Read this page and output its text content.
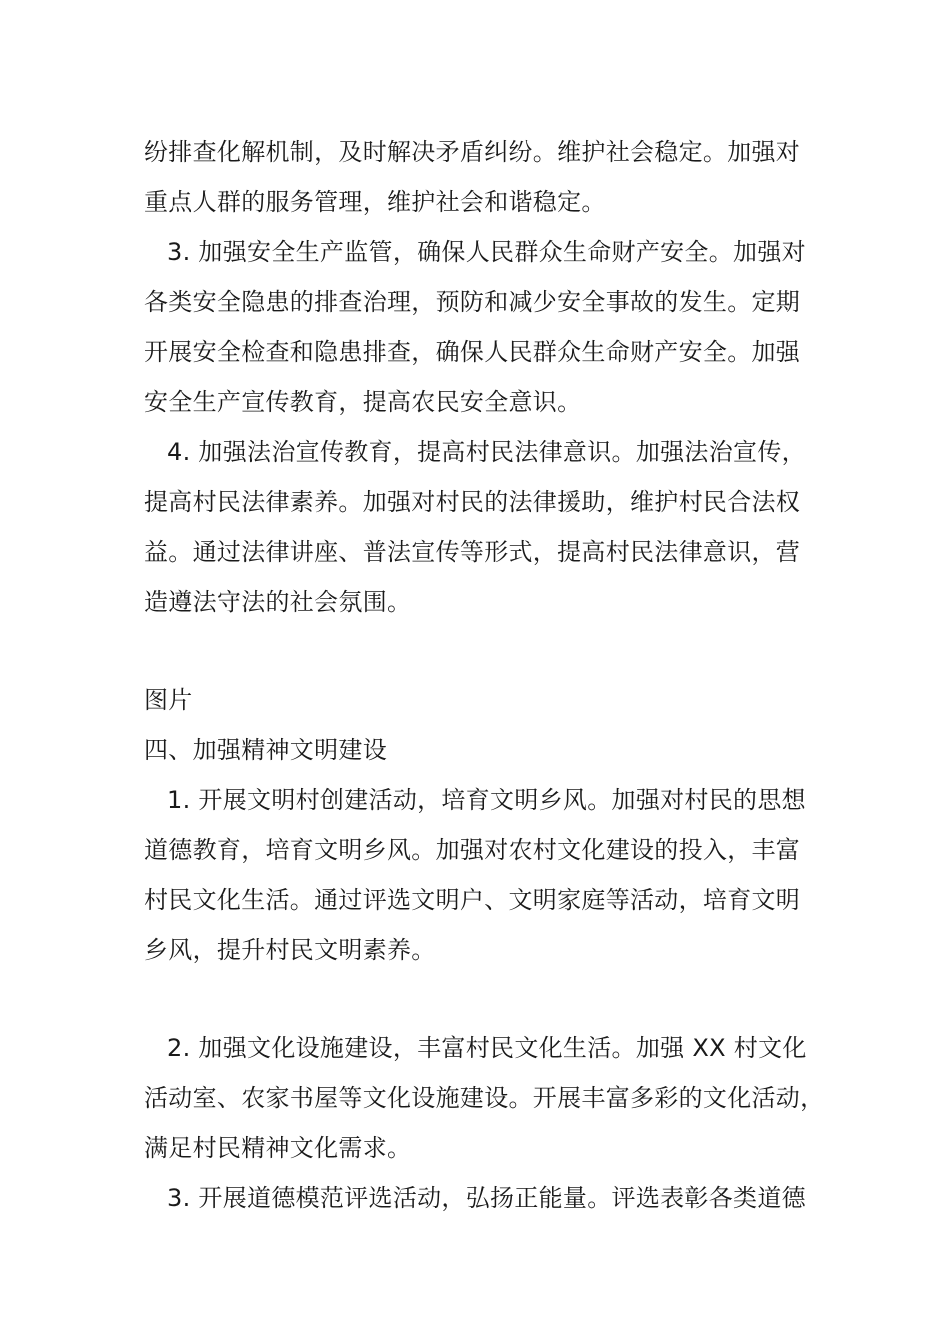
纷排查化解机制，及时解决矛盾纠纷。维护社会稳定。加强对
重点人群的服务管理，维护社会和谐稳定。
3. 加强安全生产监管，确保人民群众生命财产安全。加强对
各类安全隐患的排查治理，预防和减少安全事故的发生。定期
开展安全检查和隐患排查，确保人民群众生命财产安全。加强
安全生产宣传教育，提高农民安全意识。
4. 加强法治宣传教育，提高村民法律意识。加强法治宣传，
提高村民法律素养。加强对村民的法律援助，维护村民合法权
益。通过法律讲座、普法宣传等形式，提高村民法律意识，营
造遵法守法的社会氛围。
图片
四、加强精神文明建设
1. 开展文明村创建活动，培育文明乡风。加强对村民的思想
道德教育，培育文明乡风。加强对农村文化建设的投入，丰富
村民文化生活。通过评选文明户、文明家庭等活动，培育文明
乡风，提升村民文明素养。
2. 加强文化设施建设，丰富村民文化生活。加强 XX 村文化
活动室、农家书屋等文化设施建设。开展丰富多彩的文化活动，
满足村民精神文化需求。
3. 开展道德模范评选活动，弘扬正能量。评选表彰各类道德
